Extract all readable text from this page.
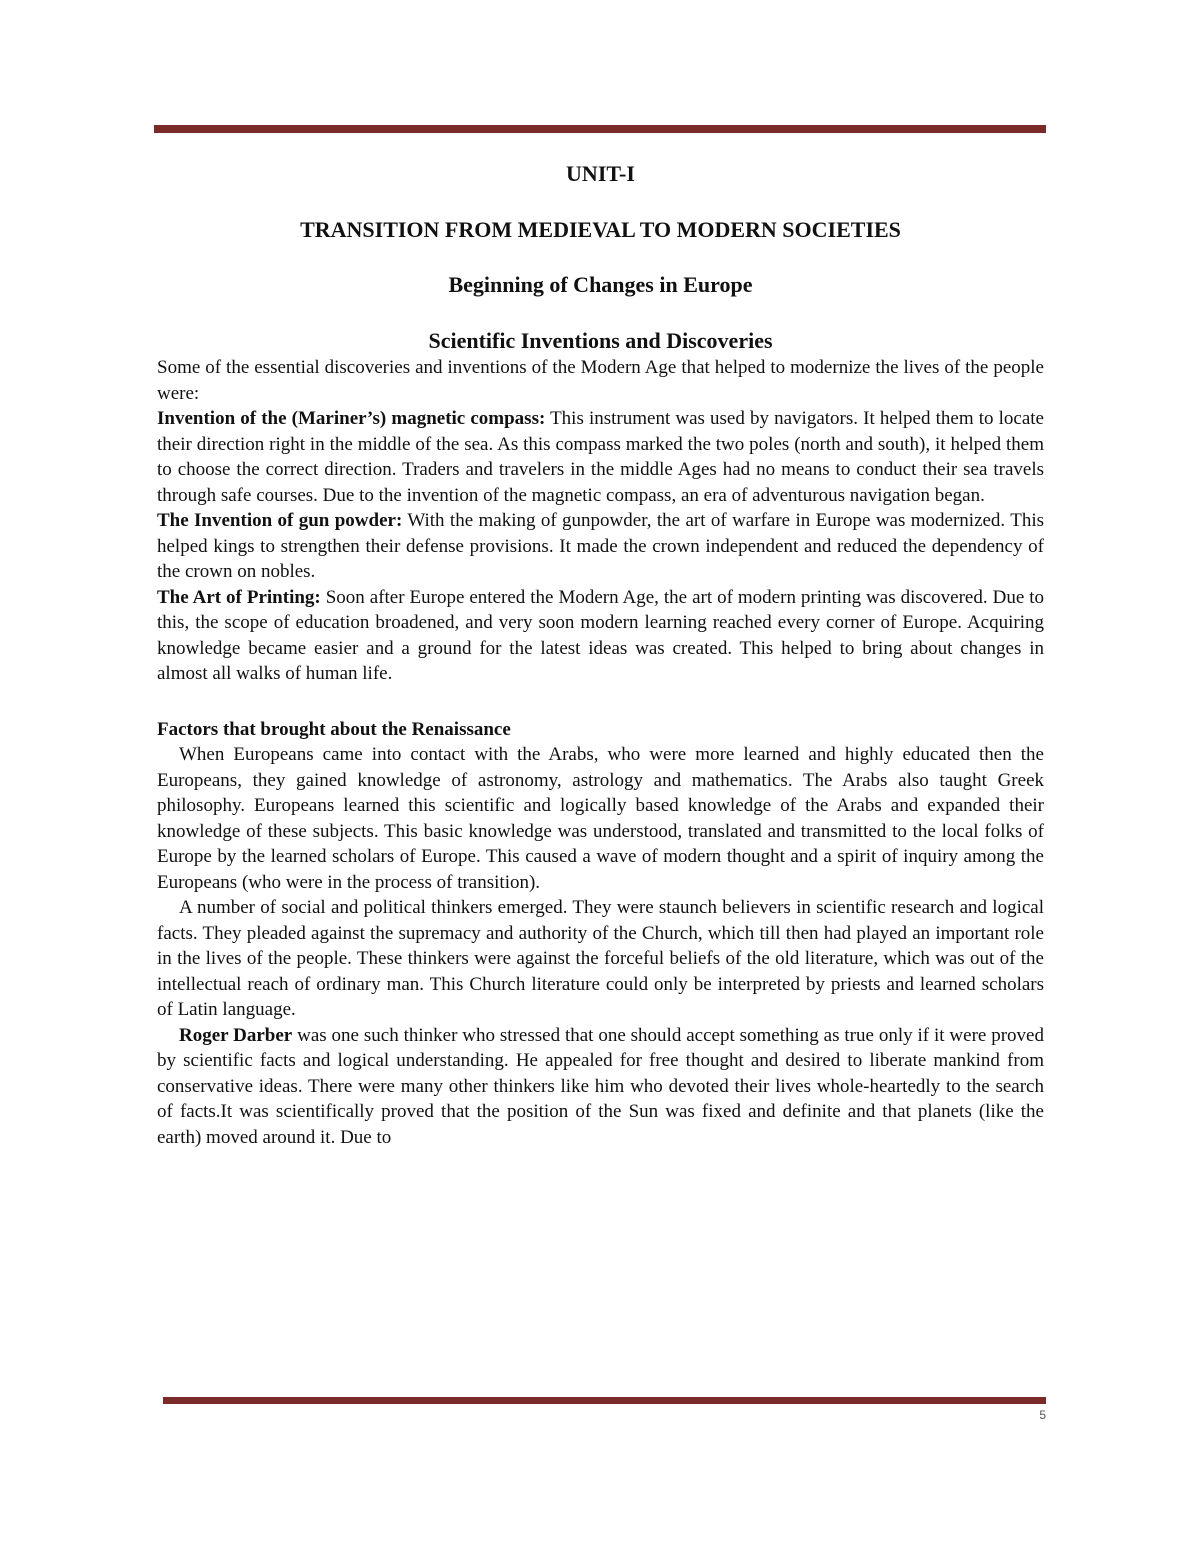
UNIT-I
TRANSITION FROM MEDIEVAL TO MODERN SOCIETIES
Beginning of Changes in Europe
Scientific Inventions and Discoveries

Some of the essential discoveries and inventions of the Modern Age that helped to modernize the lives of the people were:

Invention of the (Mariner’s) magnetic compass: This instrument was used by navigators. It helped them to locate their direction right in the middle of the sea. As this compass marked the two poles (north and south), it helped them to choose the correct direction. Traders and travelers in the middle Ages had no means to conduct their sea travels through safe courses. Due to the invention of the magnetic compass, an era of adventurous navigation began.

The Invention of gun powder: With the making of gunpowder, the art of warfare in Europe was modernized. This helped kings to strengthen their defense provisions. It made the crown independent and reduced the dependency of the crown on nobles.

The Art of Printing: Soon after Europe entered the Modern Age, the art of modern printing was discovered. Due to this, the scope of education broadened, and very soon modern learning reached every corner of Europe. Acquiring knowledge became easier and a ground for the latest ideas was created. This helped to bring about changes in almost all walks of human life.

Factors that brought about the Renaissance

When Europeans came into contact with the Arabs, who were more learned and highly educated then the Europeans, they gained knowledge of astronomy, astrology and mathematics. The Arabs also taught Greek philosophy. Europeans learned this scientific and logically based knowledge of the Arabs and expanded their knowledge of these subjects. This basic knowledge was understood, translated and transmitted to the local folks of Europe by the learned scholars of Europe. This caused a wave of modern thought and a spirit of inquiry among the Europeans (who were in the process of transition).

A number of social and political thinkers emerged. They were staunch believers in scientific research and logical facts. They pleaded against the supremacy and authority of the Church, which till then had played an important role in the lives of the people. These thinkers were against the forceful beliefs of the old literature, which was out of the intellectual reach of ordinary man. This Church literature could only be interpreted by priests and learned scholars of Latin language.

Roger Darber was one such thinker who stressed that one should accept something as true only if it were proved by scientific facts and logical understanding. He appealed for free thought and desired to liberate mankind from conservative ideas. There were many other thinkers like him who devoted their lives whole-heartedly to the search of facts.It was scientifically proved that the position of the Sun was fixed and definite and that planets (like the earth) moved around it. Due to

5
